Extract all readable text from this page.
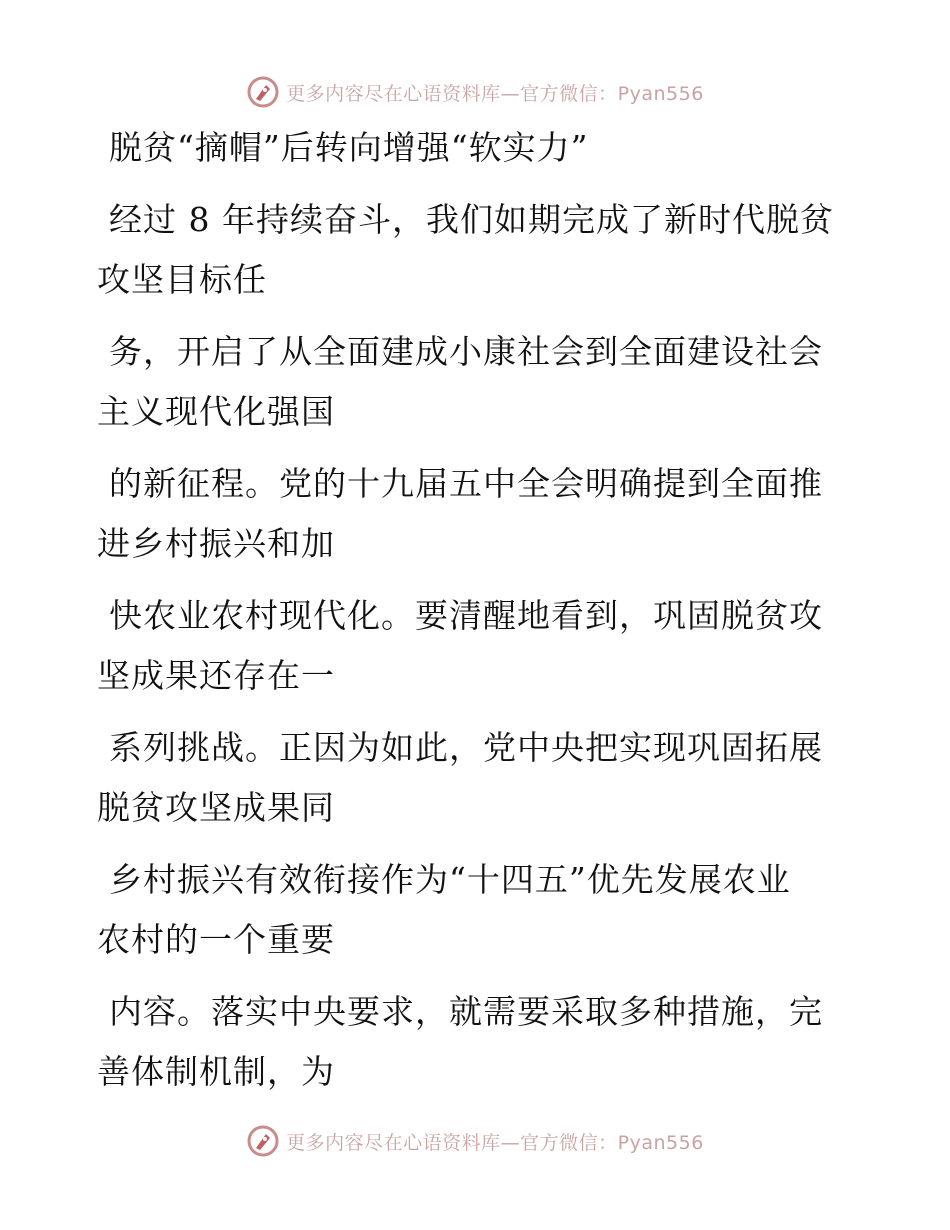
更多内容尽在心语资料库—官方微信：Pyan556
脱贫“摘帽”后转向增强“软实力”
经过 8 年持续奋斗，我们如期完成了新时代脱贫
攻坚目标任
务，开启了从全面建成小康社会到全面建设社会
主义现代化强国
的新征程。党的十九届五中全会明确提到全面推
进乡村振兴和加
快农业农村现代化。要清醒地看到，巩固脱贫攻
坚成果还存在一
系列挑战。正因为如此，党中央把实现巩固拓展
脱贫攻坚成果同
乡村振兴有效衔接作为“十四五”优先发展农业
农村的一个重要
内容。落实中央要求，就需要采取多种措施，完
善体制机制，为
更多内容尽在心语资料库—官方微信：Pyan556
